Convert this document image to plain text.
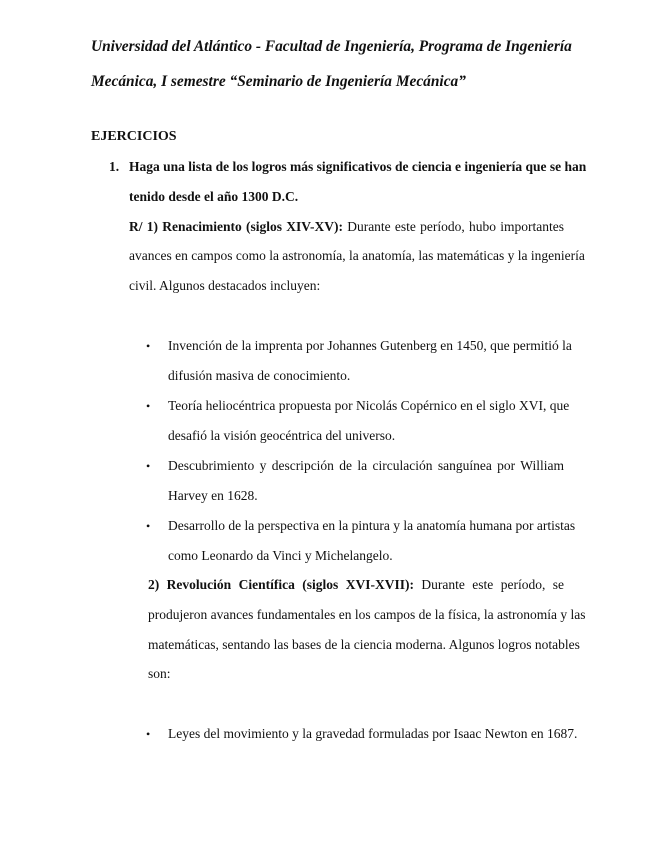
Universidad del Atlántico - Facultad de Ingeniería, Programa de Ingeniería
Mecánica, I semestre “Seminario de Ingeniería Mecánica”
EJERCICIOS
1. Haga una lista de los logros más significativos de ciencia e ingeniería que se han
tenido desde el año 1300 D.C.
R/ 1) Renacimiento (siglos XIV-XV): Durante este período, hubo importantes
avances en campos como la astronomía, la anatomía, las matemáticas y la ingeniería
civil. Algunos destacados incluyen:
• Invención de la imprenta por Johannes Gutenberg en 1450, que permitió la
difusión masiva de conocimiento.
• Teoría heliocéntrica propuesta por Nicolás Copérnico en el siglo XVI, que
desafió la visión geocéntrica del universo.
• Descubrimiento y descripción de la circulación sanguínea por William
Harvey en 1628.
• Desarrollo de la perspectiva en la pintura y la anatomía humana por artistas
como Leonardo da Vinci y Michelangelo.
2) Revolución Científica (siglos XVI-XVII): Durante este período, se
produjeron avances fundamentales en los campos de la física, la astronomía y las
matemáticas, sentando las bases de la ciencia moderna. Algunos logros notables
son:
• Leyes del movimiento y la gravedad formuladas por Isaac Newton en 1687.
